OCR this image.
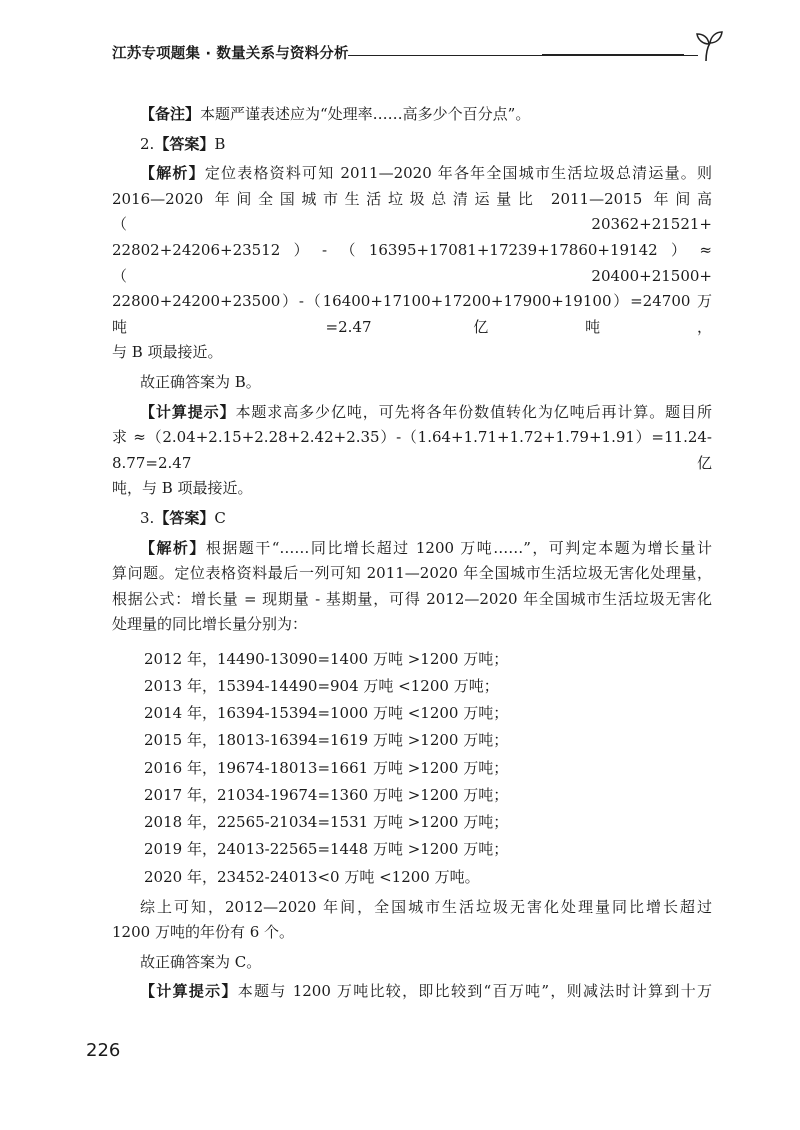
江苏专项题集 · 数量关系与资料分析

【备注】本题严谨表述应为“处理率……高多少个百分点”。

2.【答案】B

【解析】定位表格资料可知 2011—2020 年各年全国城市生活垃圾总清运量。则

2016—2020 年间全国城市生活垃圾总清运量比 2011—2015 年间高（20362+21521+

22802+24206+23512）-（16395+17081+17239+17860+19142）≈（20400+21500+

22800+24200+23500）-（16400+17100+17200+17900+19100）=24700 万吨 =2.47 亿吨，

与 B 项最接近。

故正确答案为 B。

【计算提示】本题求高多少亿吨，可先将各年份数值转化为亿吨后再计算。题目所

求 ≈（2.04+2.15+2.28+2.42+2.35）-（1.64+1.71+1.72+1.79+1.91）=11.24-8.77=2.47 亿

吨，与 B 项最接近。

3.【答案】C

【解析】根据题干“……同比增长超过 1200 万吨……”，可判定本题为增长量计

算问题。定位表格资料最后一列可知 2011—2020 年全国城市生活垃圾无害化处理量，

根据公式：增长量 = 现期量 - 基期量，可得 2012—2020 年全国城市生活垃圾无害化

处理量的同比增长量分别为：

2012 年，14490-13090=1400 万吨 >1200 万吨；

2013 年，15394-14490=904 万吨 <1200 万吨；

2014 年，16394-15394=1000 万吨 <1200 万吨；

2015 年，18013-16394=1619 万吨 >1200 万吨；

2016 年，19674-18013=1661 万吨 >1200 万吨；

2017 年，21034-19674=1360 万吨 >1200 万吨；

2018 年，22565-21034=1531 万吨 >1200 万吨；

2019 年，24013-22565=1448 万吨 >1200 万吨；

2020 年，23452-24013<0 万吨 <1200 万吨。

综上可知，2012—2020 年间，全国城市生活垃圾无害化处理量同比增长超过

1200 万吨的年份有 6 个。

故正确答案为 C。

【计算提示】本题与 1200 万吨比较，即比较到“百万吨”，则减法时计算到十万

226
